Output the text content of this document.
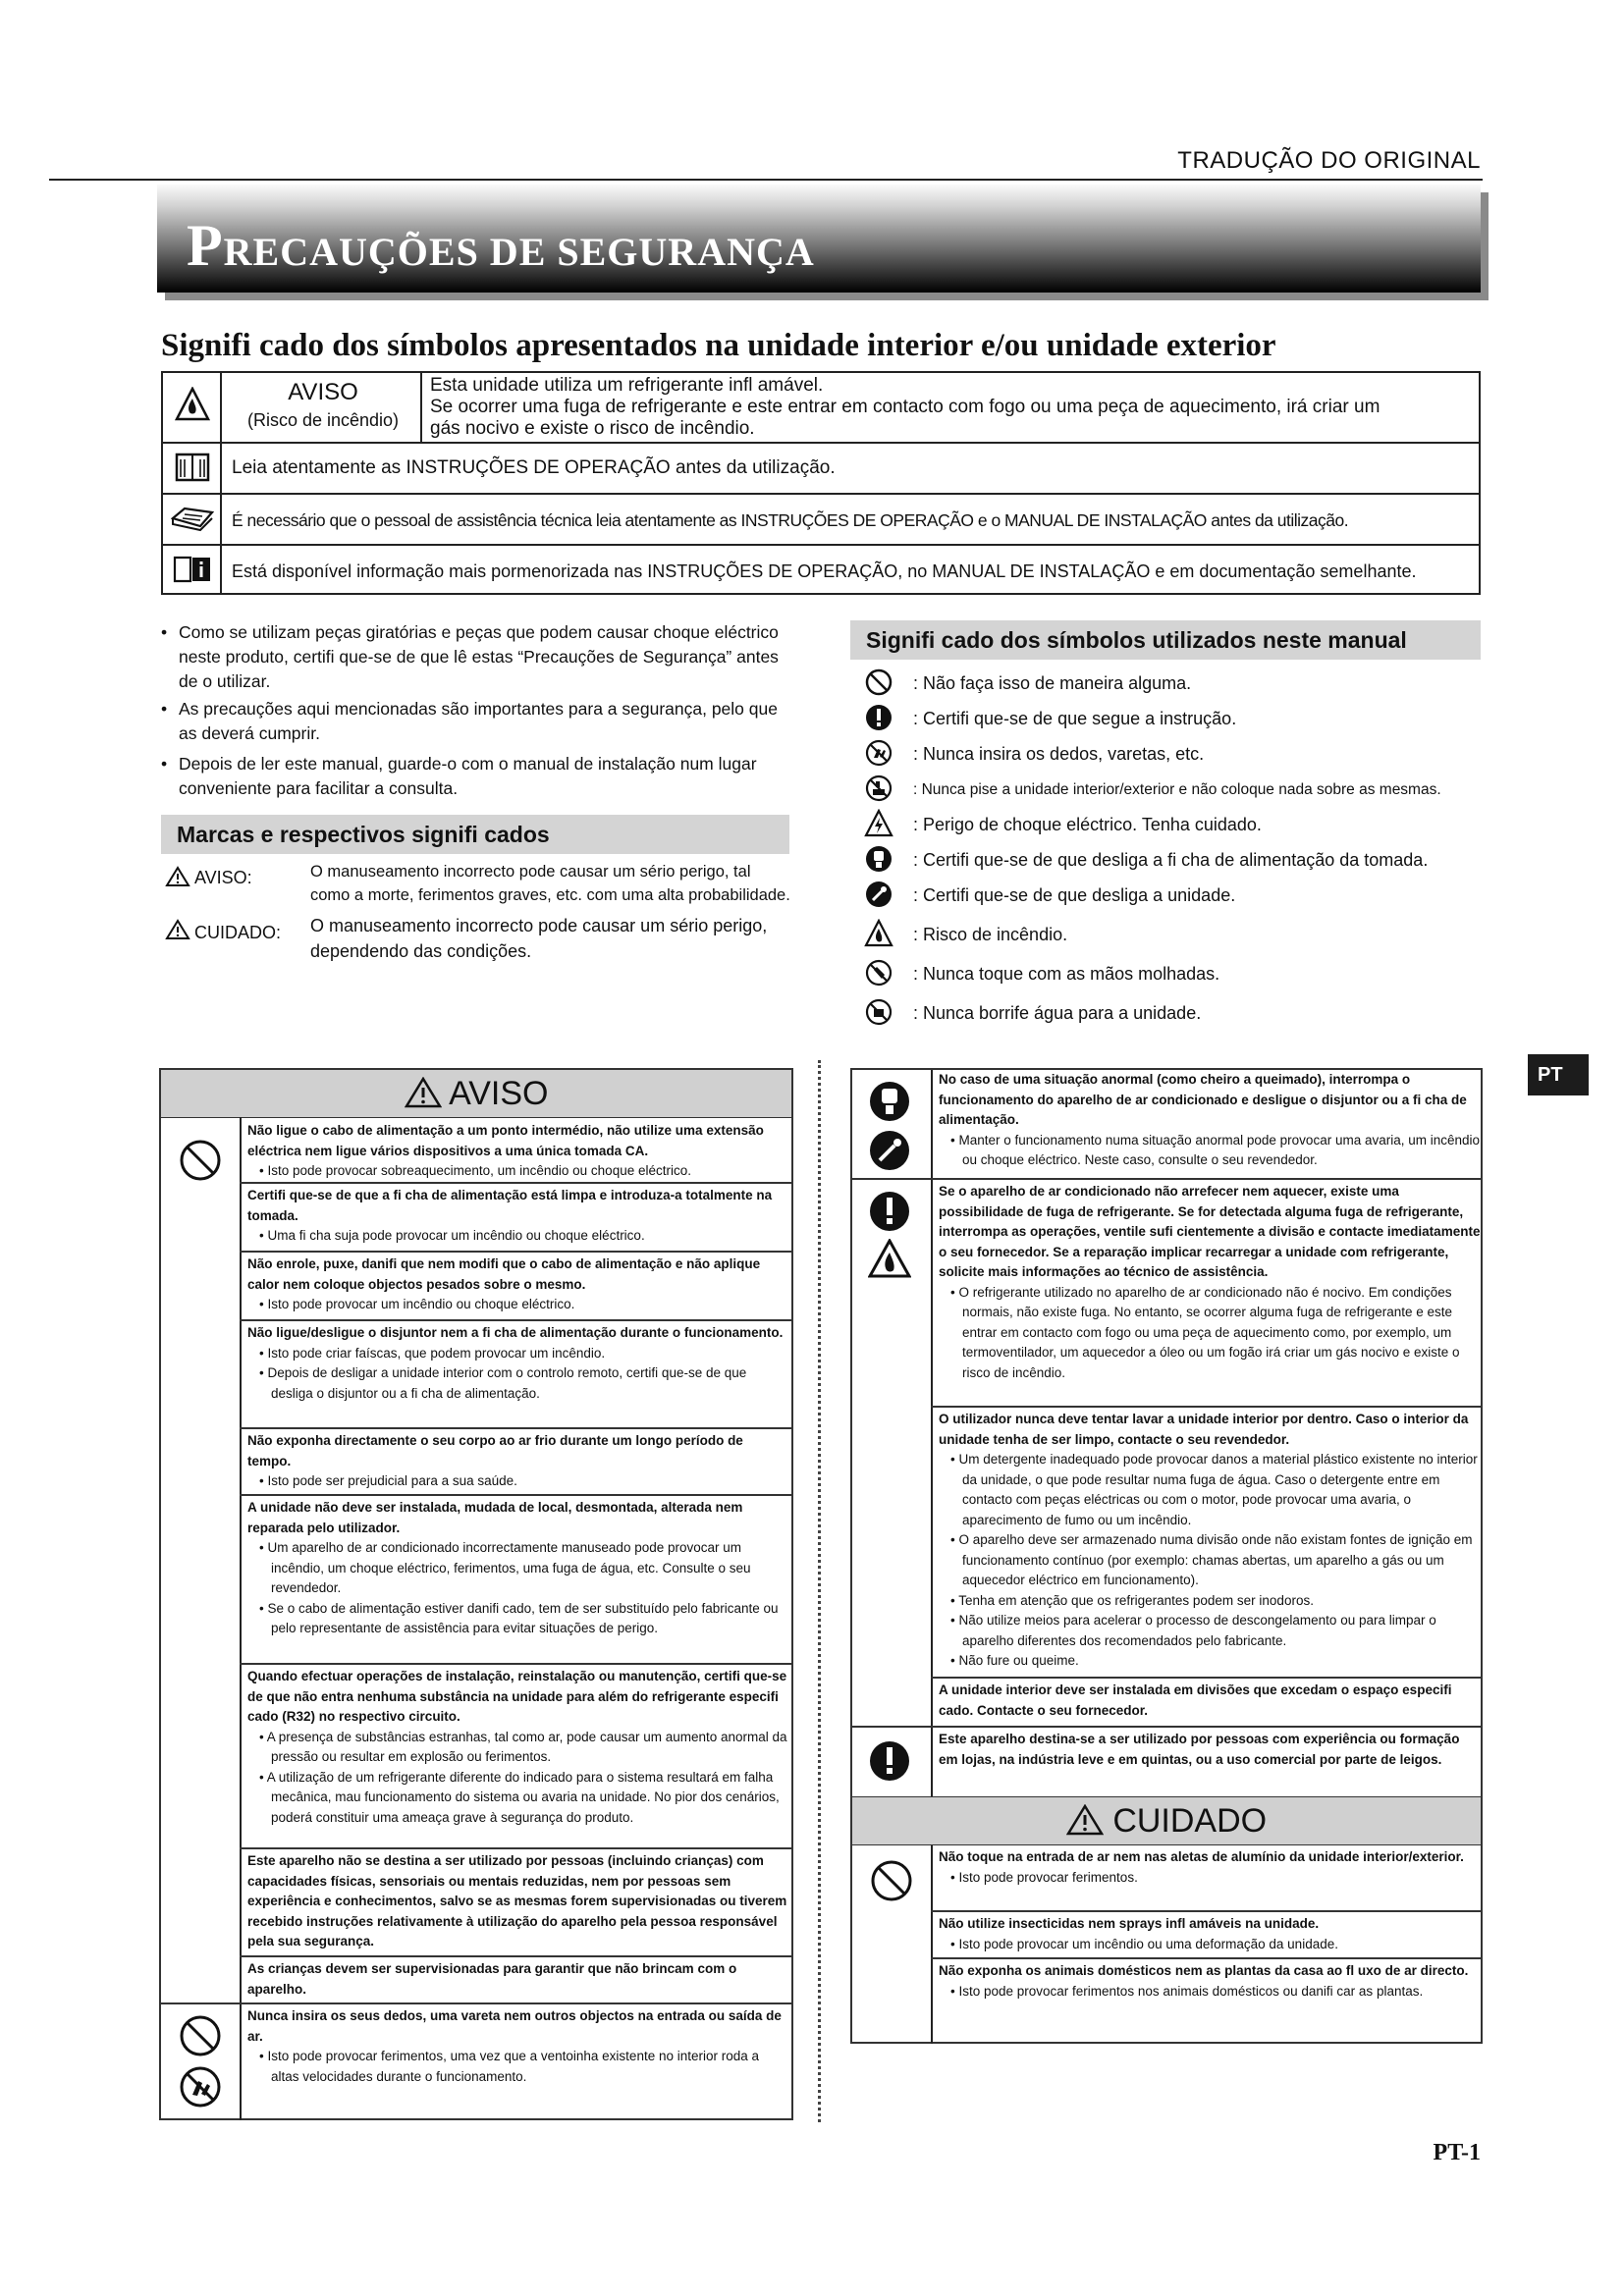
TRADUÇÃO DO ORIGINAL
PRECAUÇÕES DE SEGURANÇA
Signifi cado dos símbolos apresentados na unidade interior e/ou unidade exterior
AVISO
(Risco de incêndio)
Esta unidade utiliza um refrigerante infl amável.
Se ocorrer uma fuga de refrigerante e este entrar em contacto com fogo ou uma peça de aquecimento, irá criar um
gás nocivo e existe o risco de incêndio.
Leia atentamente as INSTRUÇÕES DE OPERAÇÃO antes da utilização.
É necessário que o pessoal de assistência técnica leia atentamente as INSTRUÇÕES DE OPERAÇÃO e o MANUAL DE INSTALAÇÃO antes da utilização.
Está disponível informação mais pormenorizada nas INSTRUÇÕES DE OPERAÇÃO, no MANUAL DE INSTALAÇÃO e em documentação semelhante.
• Como se utilizam peças giratórias e peças que podem causar choque eléctrico neste produto, certifi que-se de que lê estas “Precauções de Segurança” antes de o utilizar.
• As precauções aqui mencionadas são importantes para a segurança, pelo que as deverá cumprir.
• Depois de ler este manual, guarde-o com o manual de instalação num lugar conveniente para facilitar a consulta.
Marcas e respectivos signifi cados
AVISO:	O manuseamento incorrecto pode causar um sério perigo, tal como a morte, ferimentos graves, etc. com uma alta probabilidade.
CUIDADO: O manuseamento incorrecto pode causar um sério perigo, dependendo das condições.
Signifi cado dos símbolos utilizados neste manual
: Não faça isso de maneira alguma.
: Certifi que-se de que segue a instrução.
: Nunca insira os dedos, varetas, etc.
: Nunca pise a unidade interior/exterior e não coloque nada sobre as mesmas.
: Perigo de choque eléctrico. Tenha cuidado.
: Certifi que-se de que desliga a fi cha de alimentação da tomada.
: Certifi que-se de que desliga a unidade.
: Risco de incêndio.
: Nunca toque com as mãos molhadas.
: Nunca borrife água para a unidade.
PT
AVISO
Não ligue o cabo de alimentação a um ponto intermédio, não utilize uma extensão eléctrica nem ligue vários dispositivos a uma única tomada CA.
• Isto pode provocar sobreaquecimento, um incêndio ou choque eléctrico.
Certifi que-se de que a fi cha de alimentação está limpa e introduza-a totalmente na tomada.
• Uma fi cha suja pode provocar um incêndio ou choque eléctrico.
Não enrole, puxe, danifi que nem modifi que o cabo de alimentação e não aplique calor nem coloque objectos pesados sobre o mesmo.
• Isto pode provocar um incêndio ou choque eléctrico.
Não ligue/desligue o disjuntor nem a fi cha de alimentação durante o funcionamento.
• Isto pode criar faíscas, que podem provocar um incêndio.
• Depois de desligar a unidade interior com o controlo remoto, certifi que-se de que desliga o disjuntor ou a fi cha de alimentação.
Não exponha directamente o seu corpo ao ar frio durante um longo período de tempo.
• Isto pode ser prejudicial para a sua saúde.
A unidade não deve ser instalada, mudada de local, desmontada, alterada nem reparada pelo utilizador.
• Um aparelho de ar condicionado incorrectamente manuseado pode provocar um incêndio, um choque eléctrico, ferimentos, uma fuga de água, etc. Consulte o seu revendedor.
• Se o cabo de alimentação estiver danifi cado, tem de ser substituído pelo fabricante ou pelo representante de assistência para evitar situações de perigo.
Quando efectuar operações de instalação, reinstalação ou manutenção, certifi que-se de que não entra nenhuma substância na unidade para além do refrigerante especifi cado (R32) no respectivo circuito.
• A presença de substâncias estranhas, tal como ar, pode causar um aumento anormal da pressão ou resultar em explosão ou ferimentos.
• A utilização de um refrigerante diferente do indicado para o sistema resultará em falha mecânica, mau funcionamento do sistema ou avaria na unidade. No pior dos cenários, poderá constituir uma ameaça grave à segurança do produto.
Este aparelho não se destina a ser utilizado por pessoas (incluindo crianças) com capacidades físicas, sensoriais ou mentais reduzidas, nem por pessoas sem experiência e conhecimentos, salvo se as mesmas forem supervisionadas ou tiverem recebido instruções relativamente à utilização do aparelho pela pessoa responsável pela sua segurança.
As crianças devem ser supervisionadas para garantir que não brincam com o aparelho.
Nunca insira os seus dedos, uma vareta nem outros objectos na entrada ou saída de ar.
• Isto pode provocar ferimentos, uma vez que a ventoinha existente no interior roda a altas velocidades durante o funcionamento.
No caso de uma situação anormal (como cheiro a queimado), interrompa o funcionamento do aparelho de ar condicionado e desligue o disjuntor ou a fi cha de alimentação.
• Manter o funcionamento numa situação anormal pode provocar uma avaria, um incêndio ou choque eléctrico. Neste caso, consulte o seu revendedor.
Se o aparelho de ar condicionado não arrefecer nem aquecer, existe uma possibilidade de fuga de refrigerante. Se for detectada alguma fuga de refrigerante, interrompa as operações, ventile sufi cientemente a divisão e contacte imediatamente o seu fornecedor. Se a reparação implicar recarregar a unidade com refrigerante, solicite mais informações ao técnico de assistência.
• O refrigerante utilizado no aparelho de ar condicionado não é nocivo. Em condições normais, não existe fuga. No entanto, se ocorrer alguma fuga de refrigerante e este entrar em contacto com fogo ou uma peça de aquecimento como, por exemplo, um termoventilador, um aquecedor a óleo ou um fogão irá criar um gás nocivo e existe o risco de incêndio.
O utilizador nunca deve tentar lavar a unidade interior por dentro. Caso o interior da unidade tenha de ser limpo, contacte o seu revendedor.
• Um detergente inadequado pode provocar danos a material plástico existente no interior da unidade, o que pode resultar numa fuga de água. Caso o detergente entre em contacto com peças eléctricas ou com o motor, pode provocar uma avaria, o aparecimento de fumo ou um incêndio.
• O aparelho deve ser armazenado numa divisão onde não existam fontes de ignição em funcionamento contínuo (por exemplo: chamas abertas, um aparelho a gás ou um aquecedor eléctrico em funcionamento).
• Tenha em atenção que os refrigerantes podem ser inodoros.
• Não utilize meios para acelerar o processo de descongelamento ou para limpar o aparelho diferentes dos recomendados pelo fabricante.
• Não fure ou queime.
A unidade interior deve ser instalada em divisões que excedam o espaço especifi cado. Contacte o seu fornecedor.
Este aparelho destina-se a ser utilizado por pessoas com experiência ou formação em lojas, na indústria leve e em quintas, ou a uso comercial por parte de leigos.
CUIDADO
Não toque na entrada de ar nem nas aletas de alumínio da unidade interior/exterior.
• Isto pode provocar ferimentos.
Não utilize insecticidas nem sprays infl amáveis na unidade.
• Isto pode provocar um incêndio ou uma deformação da unidade.
Não exponha os animais domésticos nem as plantas da casa ao fl uxo de ar directo.
• Isto pode provocar ferimentos nos animais domésticos ou danifi car as plantas.
PT-1
